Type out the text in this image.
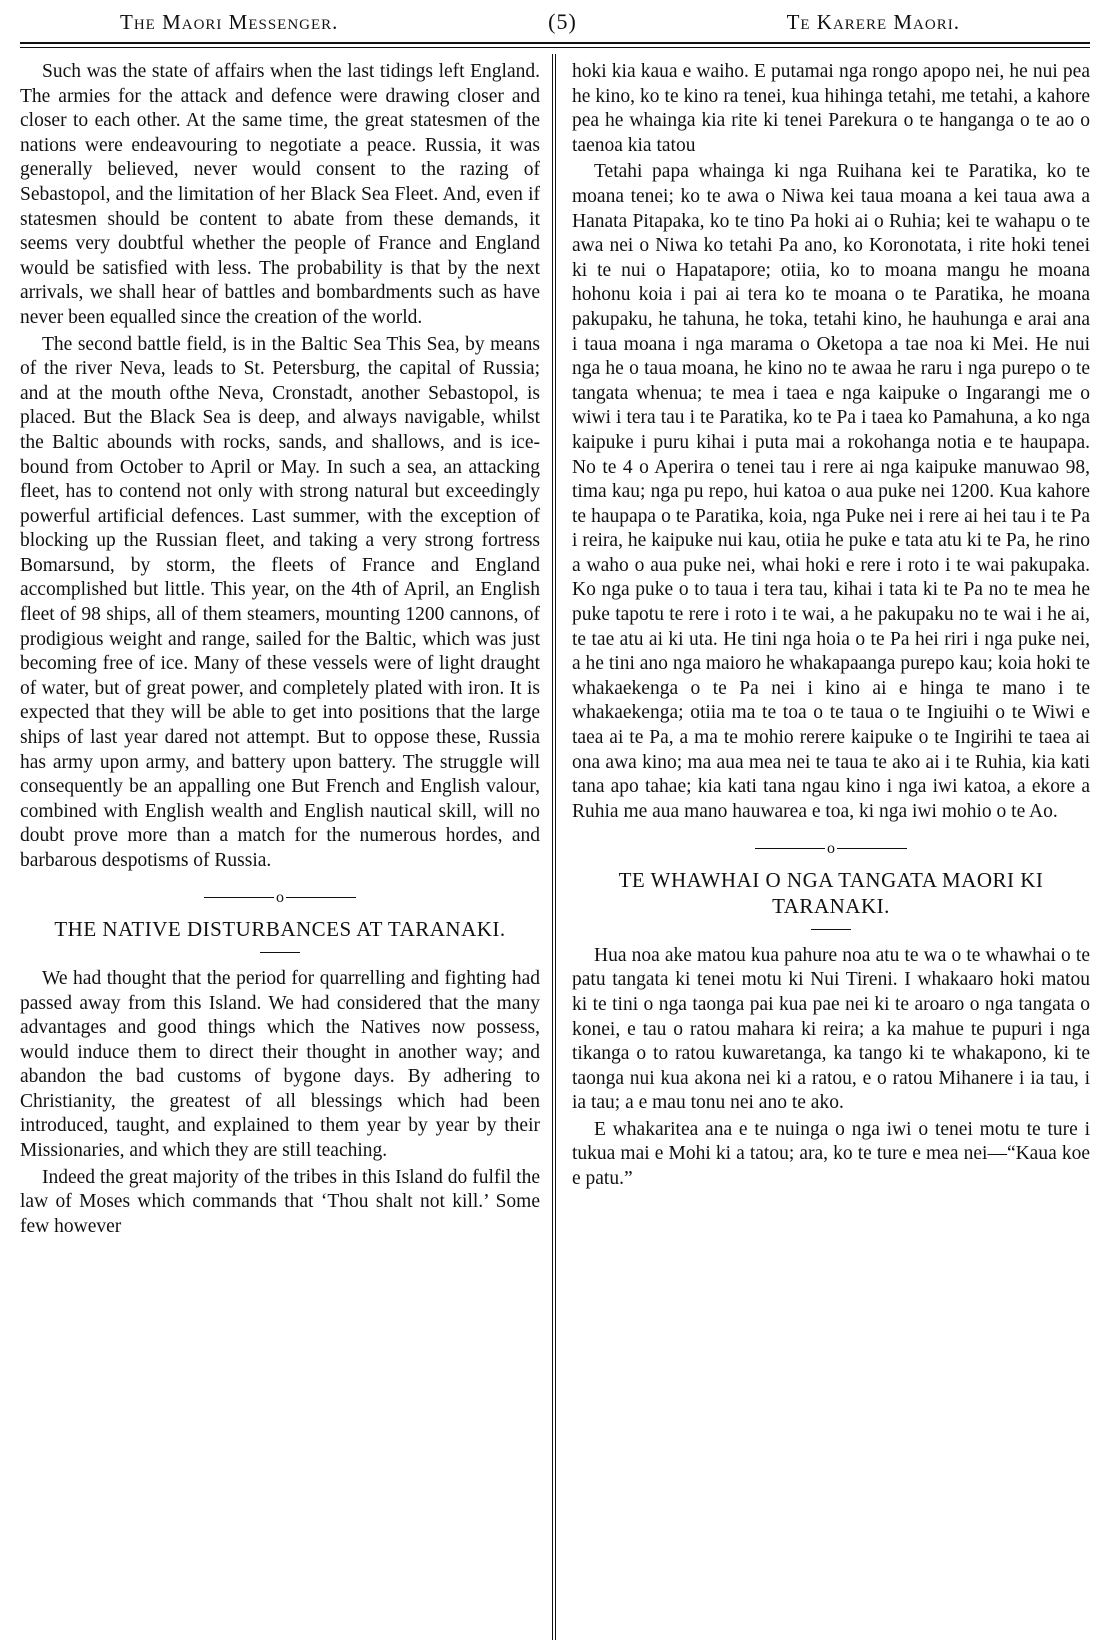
The Maori Messenger.	(5)	Te Karere Maori.

Such was the state of affairs when the last tidings left England. The armies for the attack and defence were drawing closer and closer to each other. At the same time, the great statesmen of the nations were endeavouring to negotiate a peace. Russia, it was generally believed, never would consent to the razing of Sebastopol, and the limitation of her Black Sea Fleet. And, even if statesmen should be content to abate from these demands, it seems very doubtful whether the people of France and England would be satisfied with less. The probability is that by the next arrivals, we shall hear of battles and bombardments such as have never been equalled since the creation of the world.

The second battle field, is in the Baltic Sea This Sea, by means of the river Neva, leads to St. Petersburg, the capital of Russia; and at the mouth ofthe Neva, Cronstadt, another Sebastopol, is placed. But the Black Sea is deep, and always navigable, whilst the Baltic abounds with rocks, sands, and shallows, and is ice-bound from October to April or May. In such a sea, an attacking fleet, has to contend not only with strong natural but exceedingly powerful artificial defences. Last summer, with the exception of blocking up the Russian fleet, and taking a very strong fortress Bomarsund, by storm, the fleets of France and England accomplished but little. This year, on the 4th of April, an English fleet of 98 ships, all of them steamers, mounting 1200 cannons, of prodigious weight and range, sailed for the Baltic, which was just becoming free of ice. Many of these vessels were of light draught of water, but of great power, and completely plated with iron. It is expected that they will be able to get into positions that the large ships of last year dared not attempt. But to oppose these, Russia has army upon army, and battery upon battery. The struggle will consequently be an appalling one But French and English valour, combined with English wealth and English nautical skill, will no doubt prove more than a match for the numerous hordes, and barbarous despotisms of Russia.

o
THE NATIVE DISTURBANCES AT TARANAKI.

We had thought that the period for quarrelling and fighting had passed away from this Island. We had considered that the many advantages and good things which the Natives now possess, would induce them to direct their thought in another way; and abandon the bad customs of bygone days. By adhering to Christianity, the greatest of all blessings which had been introduced, taught, and explained to them year by year by their Missionaries, and which they are still teaching.

Indeed the great majority of the tribes in this Island do fulfil the law of Moses which commands that ‘Thou shalt not kill.’ Some few however

hoki kia kaua e waiho. E putamai nga rongo apopo nei, he nui pea he kino, ko te kino ra tenei, kua hihinga tetahi, me tetahi, a kahore pea he whainga kia rite ki tenei Parekura o te hanganga o te ao o taenoa kia tatou

Tetahi papa whainga ki nga Ruihana kei te Paratika, ko te moana tenei; ko te awa o Niwa kei taua moana a kei taua awa a Hanata Pitapaka, ko te tino Pa hoki ai o Ruhia; kei te wahapu o te awa nei o Niwa ko tetahi Pa ano, ko Koronotata, i rite hoki tenei ki te nui o Hapatapore; otiia, ko to moana mangu he moana hohonu koia i pai ai tera ko te moana o te Paratika, he moana pakupaku, he tahuna, he toka, tetahi kino, he hauhunga e arai ana i taua moana i nga marama o Oketopa a tae noa ki Mei. He nui nga he o taua moana, he kino no te awaa he raru i nga purepo o te tangata whenua; te mea i taea e nga kaipuke o Ingarangi me o wiwi i tera tau i te Paratika, ko te Pa i taea ko Pamahuna, a ko nga kaipuke i puru kihai i puta mai a rokohanga notia e te haupapa. No te 4 o Aperira o tenei tau i rere ai nga kaipuke manuwao 98, tima kau; nga pu repo, hui katoa o aua puke nei 1200. Kua kahore te haupapa o te Paratika, koia, nga Puke nei i rere ai hei tau i te Pa i reira, he kaipuke nui kau, otiia he puke e tata atu ki te Pa, he rino a waho o aua puke nei, whai hoki e rere i roto i te wai pakupaka. Ko nga puke o to taua i tera tau, kihai i tata ki te Pa no te mea he puke tapotu te rere i roto i te wai, a he pakupaku no te wai i he ai, te tae atu ai ki uta. He tini nga hoia o te Pa hei riri i nga puke nei, a he tini ano nga maioro he whakapaanga purepo kau; koia hoki te whakaekenga o te Pa nei i kino ai e hinga te mano i te whakaekenga; otiia ma te toa o te taua o te Ingiuihi o te Wiwi e taea ai te Pa, a ma te mohio rerere kaipuke o te Ingirihi te taea ai ona awa kino; ma aua mea nei te taua te ako ai i te Ruhia, kia kati tana apo tahae; kia kati tana ngau kino i nga iwi katoa, a ekore a Ruhia me aua mano hauwarea e toa, ki nga iwi mohio o te Ao.

o
TE WHAWHAI O NGA TANGATA MAORI KI TARANAKI.

Hua noa ake matou kua pahure noa atu te wa o te whawhai o te patu tangata ki tenei motu ki Nui Tireni. I whakaaro hoki matou ki te tini o nga taonga pai kua pae nei ki te aroaro o nga tangata o konei, e tau o ratou mahara ki reira; a ka mahue te pupuri i nga tikanga o to ratou kuwaretanga, ka tango ki te whakapono, ki te taonga nui kua akona nei ki a ratou, e o ratou Mihanere i ia tau, i ia tau; a e mau tonu nei ano te ako.

E whakaritea ana e te nuinga o nga iwi o tenei motu te ture i tukua mai e Mohi ki a tatou; ara, ko te ture e mea nei—“Kaua koe e patu.”
